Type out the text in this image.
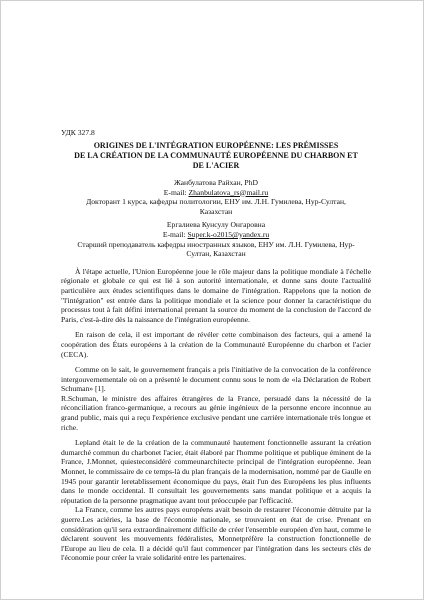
УДК 327.8
ORIGINES DE L'INTÉGRATION EUROPÉENNE: LES PRÉMISSES
DE LA CRÉATION DE LA COMMUNAUTÉ EUROPÉENNE DU CHARBON ET
DE L'ACIER
Жанбулатова Райхан, PhD
E-mail: Zhanbulatova_rs@mail.ru
Докторант 1 курса, кафедры политологии, ЕНУ им. Л.Н. Гумилева, Нур-Султан,
Казахстан
Ергалиева Кунсулу Онгаровна
E-mail: Super.k-o2015@yandex.ru
Старший преподаватель кафедры иностранных языков, ЕНУ им. Л.Н. Гумилева, Нур-
Султан, Казахстан

À l'étape actuelle, l'Union Européenne joue le rôle majeur dans la politique mondiale à l'échelle régionale et globale ce qui est lié à son autorité internationale, et donne sans doute l'actualité particulière aux études scientifiques dans le domaine de l'intégration. Rappelons que la notion de "l'intégration" est entrée dans la politique mondiale et la science pour donner la caractéristique du processus tout à fait défini international prenant la source du moment de la conclusion de l'accord de Paris, c'est-à-dire dès la naissance de l'intégration européenne.

En raison de cela, il est important de révéler cette combinaison des facteurs, qui a amené la coopération des États européens à la création de la Communauté Européenne du charbon et l'acier (CECA).

Comme on le sait, le gouvernement français a pris l'initiative de la convocation de la conférence intergouvernementale où on a présenté le document connu sous le nom de «la Déclaration de Robert Schuman» [1].

R.Schuman, le ministre des affaires étrangères de la France, persuadé dans la nécessité de la réconciliation franco-germanique, a recours au génie ingénieux de la personne encore inconnue au grand public, mais qui a reçu l'expérience exclusive pendant une carrière internationale très longue et riche.

Lepland était le de la création de la communauté hautement fonctionnelle assurant la création dumarché commun du charbonet l'acier, était élaboré par l'homme politique et publique éminent de la France, J.Monnet, quiesteconsidéré commeunarchitecte principal de l'intégration européenne. Jean Monnet, le commissaire de ce temps-là du plan français de la modernisation, nommé par de Gaulle en 1945 pour garantir leretablissement économique du pays, était l'un des Européens les plus influents dans le monde occidental. Il consultait les gouvernements sans mandat politique et a acquis la réputation de la personne pragmatique avant tout préoccupée par l'efficacité.

La France, comme les autres pays européens avait besoin de restaurer l'économie détruite par la guerre.Les aciéries, la base de l'économie nationale, se trouvaient en état de crise. Prenant en considération qu'il sera extraordinairement difficile de créer l'ensemble européen d'en haut, comme le déclarent souvent les mouvements fédéralistes, Monnetpréfère la construction fonctionnelle de l'Europe au lieu de cela. Il a décidé qu'il faut commencer par l'intégration dans les secteurs clés de l'économie pour créer la vraie solidarité entre les partenaires.
